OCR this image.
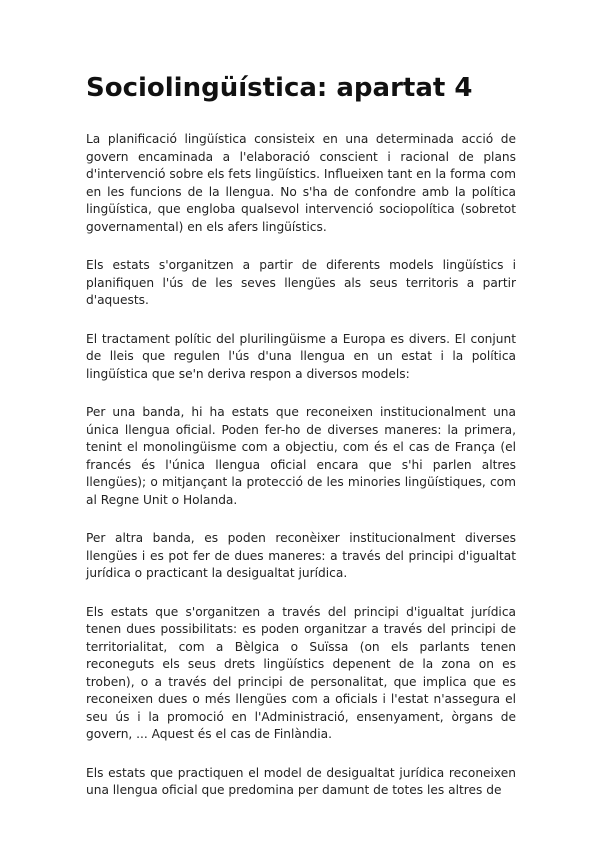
Sociolingüística: apartat 4

La planificació lingüística consisteix en una determinada acció de govern encaminada a l'elaboració conscient i racional de plans d'intervenció sobre els fets lingüístics. Influeixen tant en la forma com en les funcions de la llengua. No s'ha de confondre amb la política lingüística, que engloba qualsevol intervenció sociopolítica (sobretot governamental) en els afers lingüístics.

Els estats s'organitzen a partir de diferents models lingüístics i planifiquen l'ús de les seves llengües als seus territoris a partir d'aquests.

El tractament polític del plurilingüisme a Europa es divers. El conjunt de lleis que regulen l'ús d'una llengua en un estat i la política lingüística que se'n deriva respon a diversos models:

Per una banda, hi ha estats que reconeixen institucionalment una única llengua oficial. Poden fer-ho de diverses maneres: la primera, tenint el monolingüisme com a objectiu, com és el cas de França (el francés és l'única llengua oficial encara que s'hi parlen altres llengües); o mitjançant la protecció de les minories lingüístiques, com al Regne Unit o Holanda.

Per altra banda, es poden reconèixer institucionalment diverses llengües i es pot fer de dues maneres: a través del principi d'igualtat jurídica o practicant la desigualtat jurídica.

Els estats que s'organitzen a través del principi d'igualtat jurídica tenen dues possibilitats: es poden organitzar a través del principi de territorialitat, com a Bèlgica o Suïssa (on els parlants tenen reconeguts els seus drets lingüístics depenent de la zona on es troben), o a través del principi de personalitat, que implica que es reconeixen dues o més llengües com a oficials i l'estat n'assegura el seu ús i la promoció en l'Administració, ensenyament, òrgans de govern, ... Aquest és el cas de Finlàndia.

Els estats que practiquen el model de desigualtat jurídica reconeixen una llengua oficial que predomina per damunt de totes les altres de
